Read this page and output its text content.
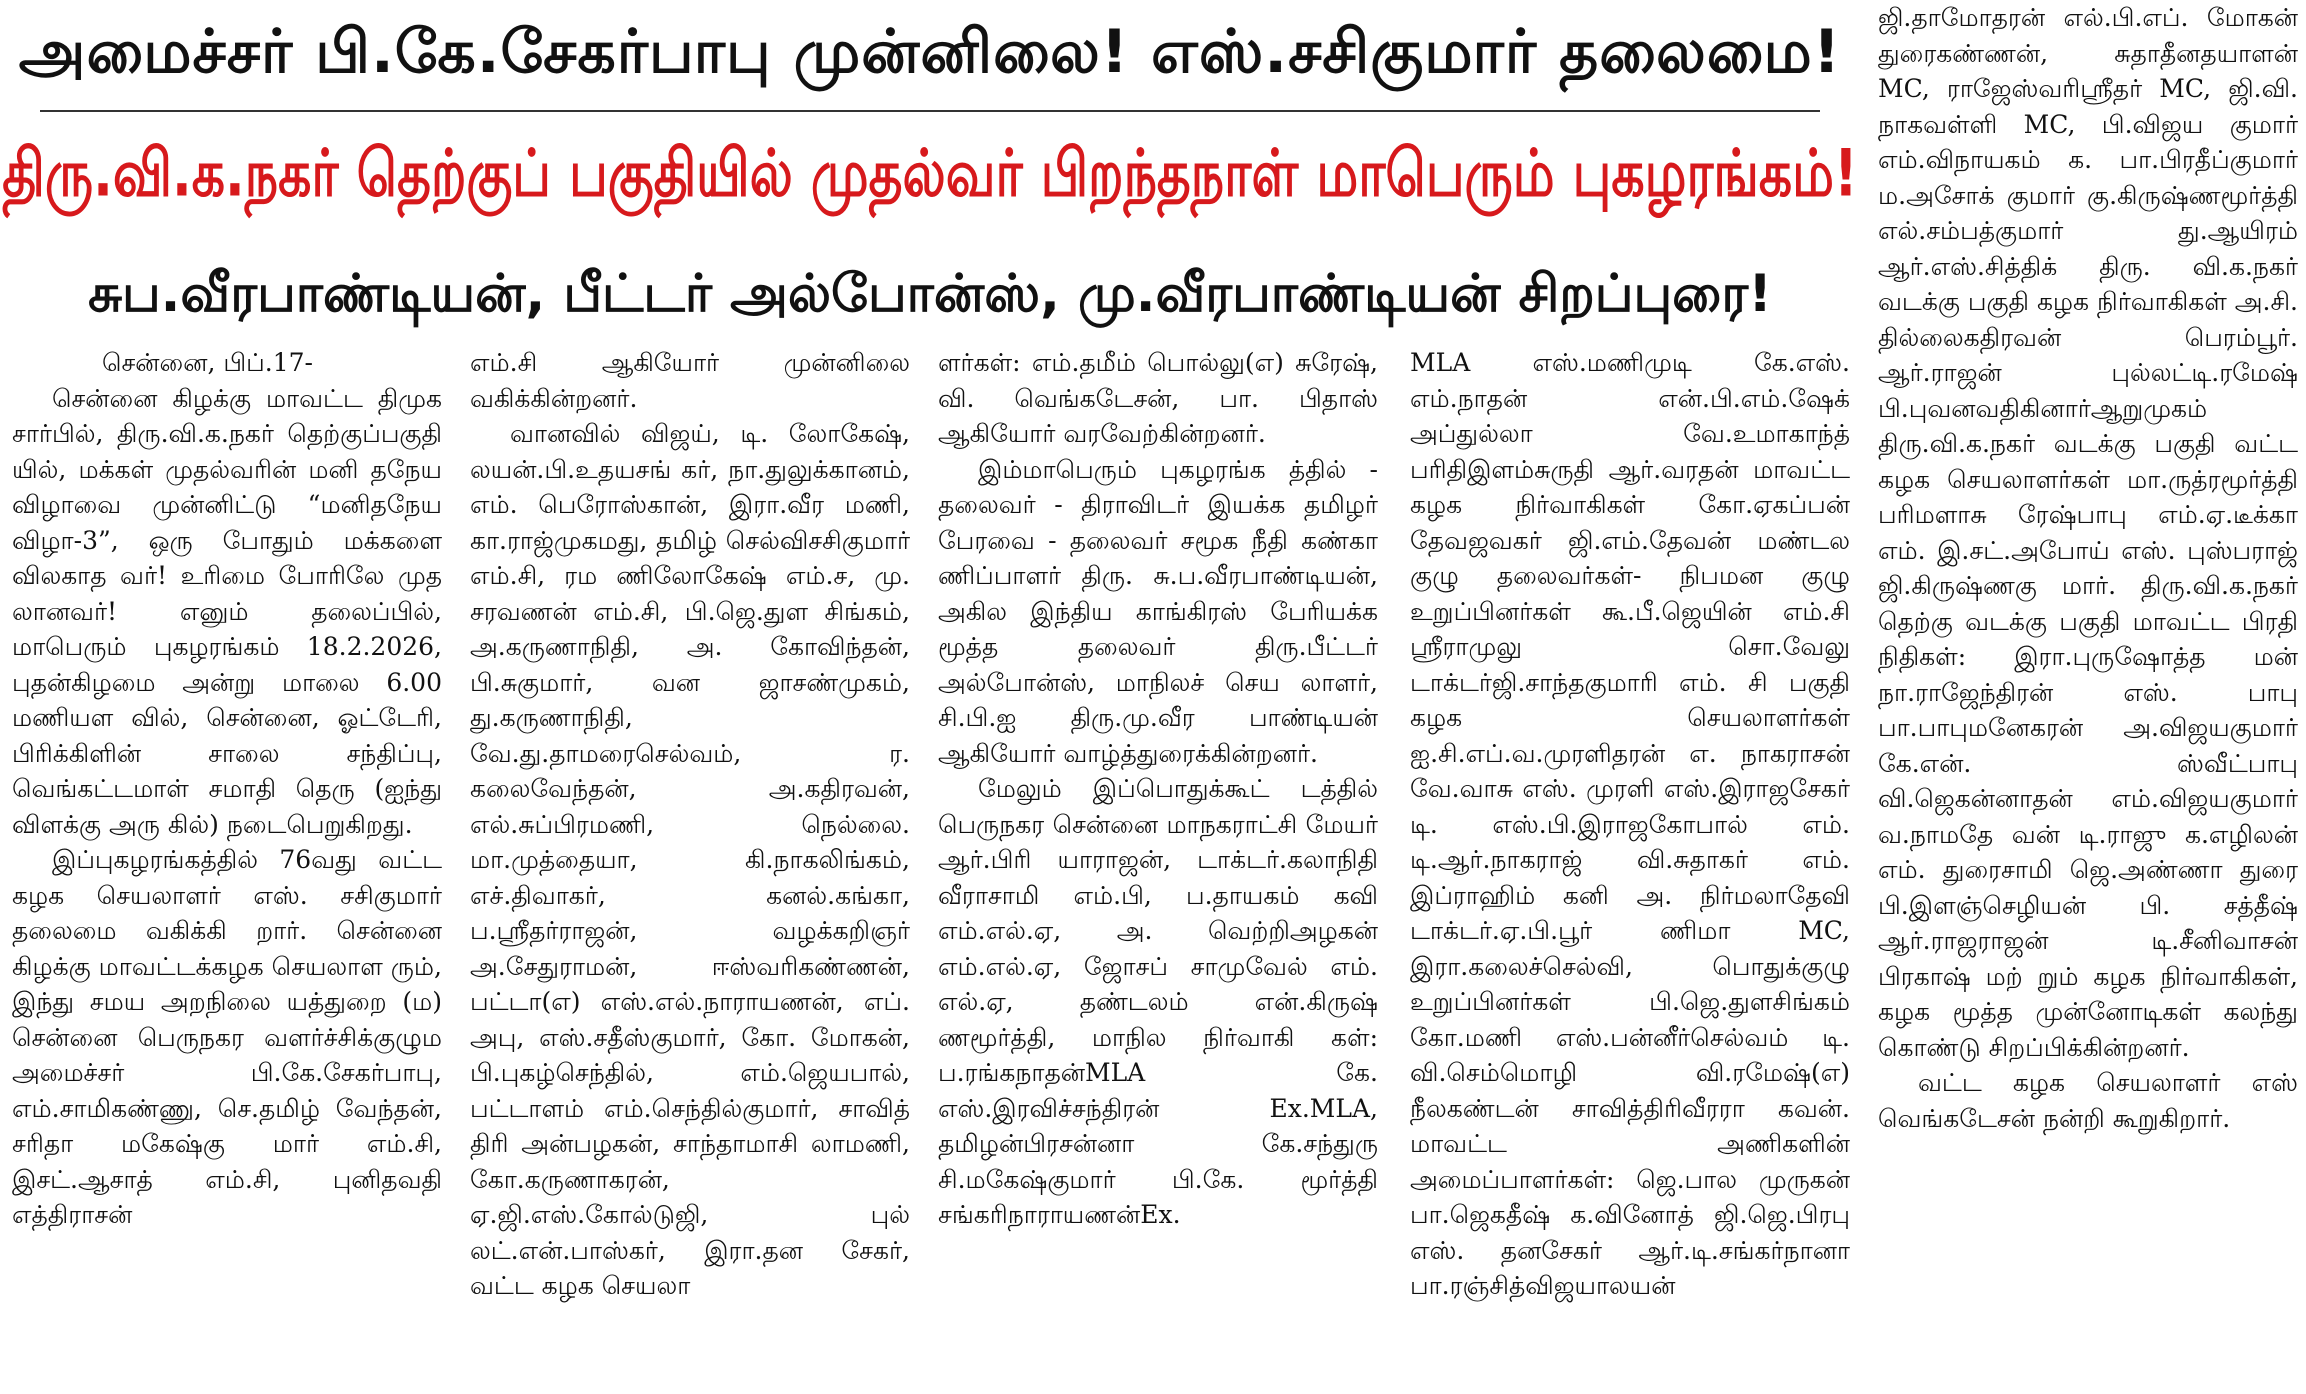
அமைச்சர் பி.கே.சேகர்பாபு முன்னிலை! எஸ்.சசிகுமார் தலைமை!
திரு.வி.க.நகர் தெற்குப் பகுதியில் முதல்வர் பிறந்தநாள் மாபெரும் புகழரங்கம்!
சுப.வீரபாண்டியன், பீட்டர் அல்போன்ஸ், மு.வீரபாண்டியன் சிறப்புரை!

சென்னை, பிப்.17-

சென்னை கிழக்கு மாவட்ட திமுக சார்பில், திரு.வி.க.நகர் தெற்குப்பகுதி யில், மக்கள் முதல்வரின் மனி தநேய விழாவை முன்னிட்டு “மனிதநேய விழா-3”, ஒரு போதும் மக்களை விலகாத வர்! உரிமை போரிலே முத லானவர்! எனும் தலைப்பில், மாபெரும் புகழரங்கம் 18.2.2026, புதன்கிழமை அன்று மாலை 6.00 மணியள வில், சென்னை, ஓட்டேரி, பிரிக்கிளின் சாலை சந்திப்பு, வெங்கட்டமாள் சமாதி தெரு (ஐந்து விளக்கு அரு கில்) நடைபெறுகிறது.

இப்புகழரங்கத்தில் 76வது வட்ட கழக செயலாளர் எஸ். சசிகுமார் தலைமை வகிக்கி றார். சென்னை கிழக்கு மாவட்டக்கழக செயலாள ரும், இந்து சமய அறநிலை யத்துறை (ம) சென்னை பெருநகர வளர்ச்சிக்குழும அமைச்சர் பி.கே.சேகர்பாபு, எம்.சாமிகண்ணு, செ.தமிழ் வேந்தன், சரிதா மகேஷ்கு மார் எம்.சி, இசட்.ஆசாத் எம்.சி, புனிதவதி எத்திராசன்

எம்.சி ஆகியோர் முன்னிலை வகிக்கின்றனர்.

வானவில் விஜய், டி. லோகேஷ், லயன்.பி.உதயசங் கர், நா.துலுக்கானம், எம். பெரோஸ்கான், இரா.வீர மணி, கா.ராஜ்முகமது, தமிழ் செல்விசசிகுமார் எம்.சி, ரம ணிலோகேஷ் எம்.ச, மு. சரவணன் எம்.சி, பி.ஜெ.துள சிங்கம், அ.கருணாநிதி, அ. கோவிந்தன், பி.சுகுமார், வன ஜாசண்முகம், து.கருணாநிதி, வே.து.தாமரைசெல்வம், ர. கலைவேந்தன், அ.கதிரவன், எல்.சுப்பிரமணி, நெல்லை. மா.முத்தையா, கி.நாகலிங்கம், எச்.திவாகர், கனல்.கங்கா, ப.ஸ்ரீதர்ராஜன், வழக்கறிஞர் அ.சேதுராமன், ஈஸ்வரிகண்ணன், பட்டா(எ) எஸ்.எல்.நாராயணன், எப். அபு, எஸ்.சதீஸ்குமார், கோ. மோகன், பி.புகழ்செந்தில், எம்.ஜெயபால், பட்டாளம் எம்.செந்தில்குமார், சாவித் திரி அன்பழகன், சாந்தாமாசி லாமணி, கோ.கருணாகரன், ஏ.ஜி.எஸ்.கோல்டுஜி, புல் லட்.என்.பாஸ்கர், இரா.தன சேகர், வட்ட கழக செயலா

ளர்கள்: எம்.தமீம் பொல்லு(எ) சுரேஷ், வி. வெங்கடேசன், பா. பிதாஸ் ஆகியோர் வரவேற்கின்றனர்.

இம்மாபெரும் புகழரங்க த்தில் - தலைவர் - திராவிடர் இயக்க தமிழர் பேரவை - தலைவர் சமூக நீதி கண்கா ணிப்பாளர் திரு. சு.ப.வீரபாண்டியன், அகில இந்திய காங்கிரஸ் பேரியக்க மூத்த தலைவர் திரு.பீட்டர் அல்போன்ஸ், மாநிலச் செய லாளர், சி.பி.ஐ திரு.மு.வீர பாண்டியன் ஆகியோர் வாழ்த்துரைக்கின்றனர்.

மேலும் இப்பொதுக்கூட் டத்தில் பெருநகர சென்னை மாநகராட்சி மேயர் ஆர்.பிரி யாராஜன், டாக்டர்.கலாநிதி வீராசாமி எம்.பி, ப.தாயகம் கவி எம்.எல்.ஏ, அ. வெற்றிஅழகன் எம்.எல்.ஏ, ஜோசப் சாமுவேல் எம். எல்.ஏ, தண்டலம் என்.கிருஷ் ணமூர்த்தி, மாநில நிர்வாகி கள்: ப.ரங்கநாதன்MLA கே. எஸ்.இரவிச்சந்திரன் Ex.MLA, தமிழன்பிரசன்னா கே.சந்துரு சி.மகேஷ்குமார் பி.கே. மூர்த்தி சங்கரிநாராயணன்Ex.

MLA எஸ்.மணிமுடி கே.எஸ். எம்.நாதன் என்.பி.எம்.ஷேக் அப்துல்லா வே.உமாகாந்த் பரிதிஇளம்சுருதி ஆர்.வரதன் மாவட்ட கழக நிர்வாகிகள் கோ.ஏகப்பன் தேவஜவகர் ஜி.எம்.தேவன் மண்டல குழு தலைவர்கள்- நிபமன குழு உறுப்பினர்கள் கூ.பீ.ஜெயின் எம்.சி ஸ்ரீராமுலு சொ.வேலு டாக்டர்ஜி.சாந்தகுமாரி எம். சி பகுதி கழக செயலாளர்கள் ஐ.சி.எப்.வ.முரளிதரன் எ. நாகராசன் வே.வாசு எஸ். முரளி எஸ்.இராஜசேகர் டி. எஸ்.பி.இராஜகோபால் எம். டி.ஆர்.நாகராஜ் வி.சுதாகர் எம். இப்ராஹிம் கனி அ. நிர்மலாதேவி டாக்டர்.ஏ.பி.பூர் ணிமா MC, இரா.கலைச்செல்வி, பொதுக்குழு உறுப்பினர்கள் பி.ஜெ.துளசிங்கம் கோ.மணி எஸ்.பன்னீர்செல்வம் டி. வி.செம்மொழி வி.ரமேஷ்(எ) நீலகண்டன் சாவித்திரிவீரரா கவன். மாவட்ட அணிகளின் அமைப்பாளர்கள்: ஜெ.பால முருகன் பா.ஜெகதீஷ் க.வினோத் ஜி.ஜெ.பிரபு எஸ். தனசேகர் ஆர்.டி.சங்கர்நானா பா.ரஞ்சித்விஜயாலயன்

ஜி.தாமோதரன் எல்.பி.எப். மோகன் துரைகண்ணன், சுதாதீனதயாளன் MC, ராஜேஸ்வரிஸ்ரீதர் MC, ஜி.வி. நாகவள்ளி MC, பி.விஜய குமார் எம்.விநாயகம் க. பா.பிரதீப்குமார் ம.அசோக் குமார் கு.கிருஷ்ணமூர்த்தி எல்.சம்பத்குமார் து.ஆயிரம் ஆர்.எஸ்.சித்திக் திரு. வி.க.நகர் வடக்கு பகுதி கழக நிர்வாகிகள் அ.சி. தில்லைகதிரவன் பெரம்பூர். ஆர்.ராஜன் புல்லட்டி.ரமேஷ் பி.புவனவதிகினார்ஆறுமுகம் திரு.வி.க.நகர் வடக்கு பகுதி வட்ட கழக செயலாளர்கள் மா.ருத்ரமூர்த்தி பரிமளாசு ரேஷ்பாபு எம்.ஏ.டீக்கா எம். இ.சட்.அபோய் எஸ். புஸ்பராஜ் ஜி.கிருஷ்ணகு மார். திரு.வி.க.நகர் தெற்கு வடக்கு பகுதி மாவட்ட பிரதி நிதிகள்: இரா.புருஷோத்த மன் நா.ராஜேந்திரன் எஸ். பாபு பா.பாபுமனேகரன் அ.விஜயகுமார் கே.என். ஸ்வீட்பாபு வி.ஜெகன்னாதன் எம்.விஜயகுமார் வ.நாமதே வன் டி.ராஜு க.எழிலன் எம். துரைசாமி ஜெ.அண்ணா துரை பி.இளஞ்செழியன் பி. சத்தீஷ் ஆர்.ராஜராஜன் டி.சீனிவாசன் பிரகாஷ் மற் றும் கழக நிர்வாகிகள், கழக மூத்த முன்னோடிகள் கலந்து கொண்டு சிறப்பிக்கின்றனர்.

வட்ட கழக செயலாளர் எஸ் வெங்கடேசன் நன்றி கூறுகிறார்.
